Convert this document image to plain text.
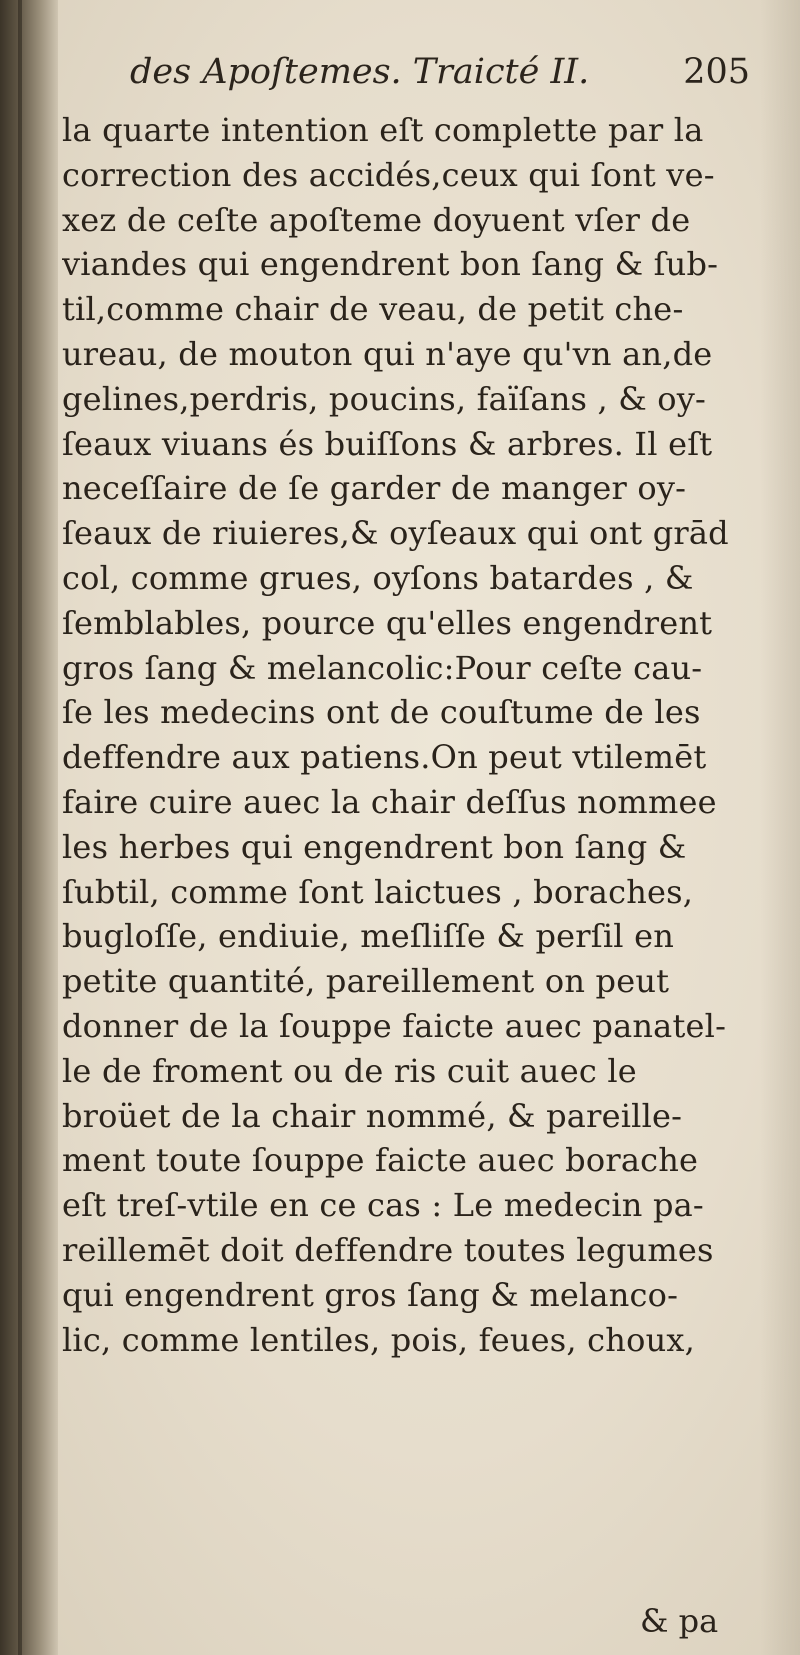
des Apoſtemes. Traicté II.	205
la quarte intention eſt complette par la
correction des accidés,ceux qui ſont ve-
xez de ceſte apoſteme doyuent vſer de
viandes qui engendrent bon ſang & ſub-
til,comme chair de veau, de petit che-
ureau, de mouton qui n'aye qu'vn an,de
gelines,perdris, poucins, faïſans , & oy-
ſeaux viuans és buiſſons & arbres. Il eſt
neceſſaire de ſe garder de manger oy-
ſeaux de riuieres,& oyſeaux qui ont grād
col, comme grues, oyſons batardes , &
ſemblables, pource qu'elles engendrent
gros ſang & melancolic:Pour ceſte cau-
ſe les medecins ont de couſtume de les
deffendre aux patiens.On peut vtilemēt
faire cuire auec la chair deſſus nommee
les herbes qui engendrent bon ſang &
ſubtil, comme ſont laictues , boraches,
bugloſſe, endiuie, meſliſſe & perſil en
petite quantité, pareillement on peut
donner de la ſouppe faicte auec panatel-
le de froment ou de ris cuit auec le
broüet de la chair nommé, & pareille-
ment toute ſouppe faicte auec borache
eſt treſ-vtile en ce cas : Le medecin pa-
reillemēt doit deffendre toutes legumes
qui engendrent gros ſang & melanco-
lic, comme lentiles, pois, feues, choux,
& pa
